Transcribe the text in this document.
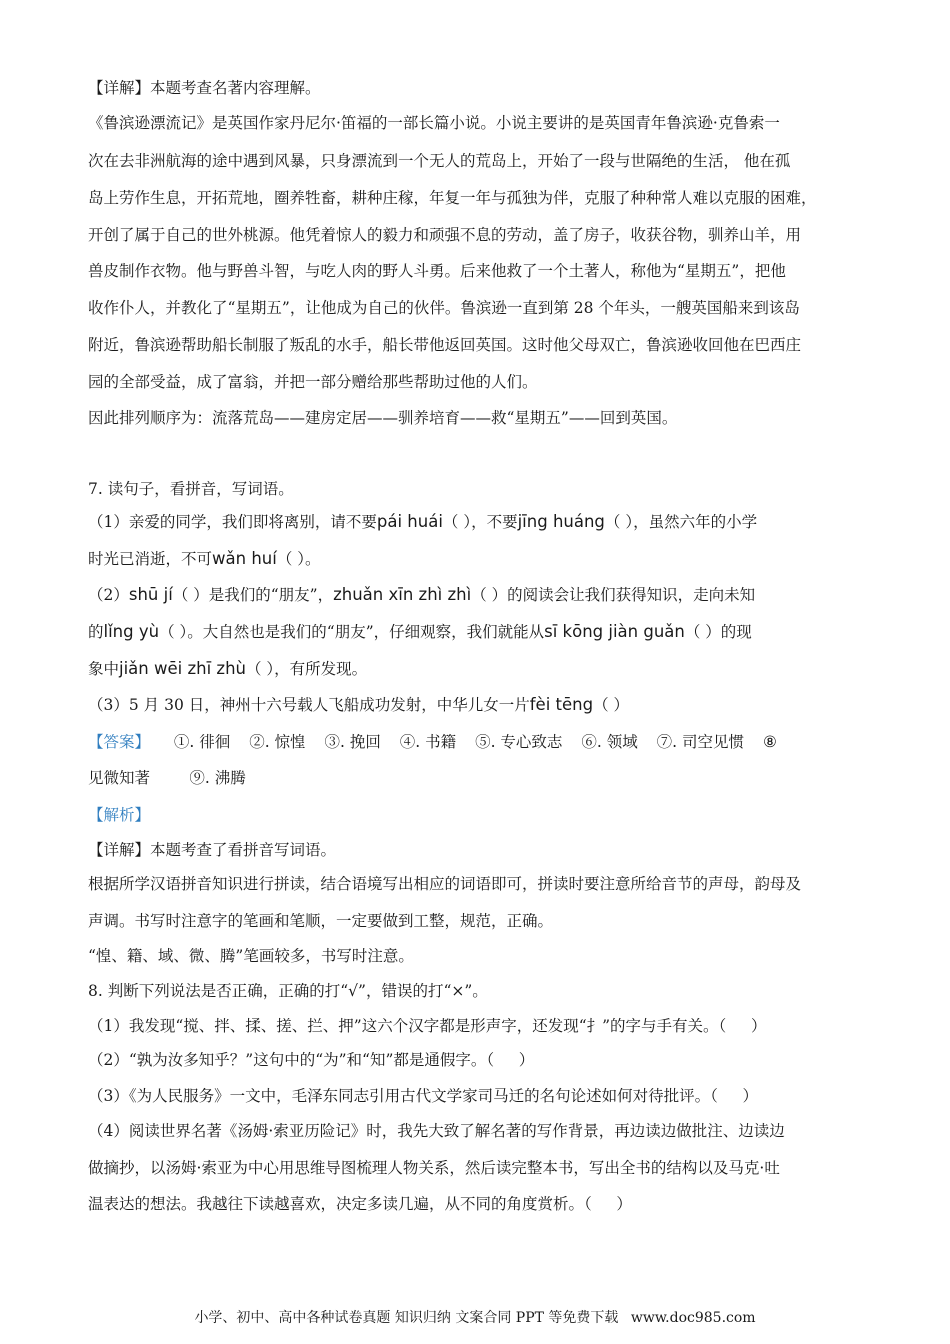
【详解】本题考查名著内容理解。
《鲁滨逊漂流记》是英国作家丹尼尔·笛福的一部长篇小说。小说主要讲的是英国青年鲁滨逊·克鲁索一
次在去非洲航海的途中遇到风暴，只身漂流到一个无人的荒岛上，开始了一段与世隔绝的生活， 他在孤
岛上劳作生息，开拓荒地，圈养牲畜，耕种庄稼，年复一年与孤独为伴，克服了种种常人难以克服的困难，
开创了属于自己的世外桃源。他凭着惊人的毅力和顽强不息的劳动，盖了房子，收获谷物，驯养山羊，用
兽皮制作衣物。他与野兽斗智，与吃人肉的野人斗勇。后来他救了一个土著人，称他为“星期五”，把他
收作仆人，并教化了“星期五”，让他成为自己的伙伴。鲁滨逊一直到第 28 个年头，一艘英国船来到该岛
附近，鲁滨逊帮助船长制服了叛乱的水手，船长带他返回英国。这时他父母双亡，鲁滨逊收回他在巴西庄
园的全部受益，成了富翁，并把一部分赠给那些帮助过他的人们。
因此排列顺序为：流落荒岛——建房定居——驯养培育——救“星期五”——回到英国。
7. 读句子，看拼音，写词语。
（1）亲爱的同学，我们即将离别，请不要pái huái（ ），不要jīng huáng（ ），虽然六年的小学
时光已消逝，不可wǎn huí（ ）。
（2）shū jí（ ）是我们的“朋友”，zhuǎn xīn zhì zhì（ ）的阅读会让我们获得知识，走向未知
的lǐng yù（ ）。大自然也是我们的“朋友”，仔细观察，我们就能从sī kōng jiàn guǎn（ ）的现
象中jiǎn wēi zhī zhù（ ），有所发现。
（3）5 月 30 日，神州十六号载人飞船成功发射，中华儿女一片fèi tēng（ ）
【答案】 ①. 徘徊 ②. 惊惶 ③. 挽回 ④. 书籍 ⑤. 专心致志 ⑥. 领域 ⑦. 司空见惯 ⑧
见微知著        ⑨. 沸腾
【解析】
【详解】本题考查了看拼音写词语。
根据所学汉语拼音知识进行拼读，结合语境写出相应的词语即可，拼读时要注意所给音节的声母，韵母及
声调。书写时注意字的笔画和笔顺，一定要做到工整，规范，正确。
“惶、籍、域、微、腾”笔画较多，书写时注意。
8. 判断下列说法是否正确，正确的打“√”，错误的打“×”。
（1）我发现“搅、拌、揉、搓、拦、押”这六个汉字都是形声字，还发现“扌”的字与手有关。（     ）
（2）“孰为汝多知乎？”这句中的“为”和“知”都是通假字。（     ）
（3）《为人民服务》一文中，毛泽东同志引用古代文学家司马迁的名句论述如何对待批评。（     ）
（4）阅读世界名著《汤姆·索亚历险记》时，我先大致了解名著的写作背景，再边读边做批注、边读边
做摘抄，以汤姆·索亚为中心用思维导图梳理人物关系，然后读完整本书，写出全书的结构以及马克·吐
温表达的想法。我越往下读越喜欢，决定多读几遍，从不同的角度赏析。（     ）
小学、初中、高中各种试卷真题 知识归纳 文案合同 PPT 等免费下载 www.doc985.com
